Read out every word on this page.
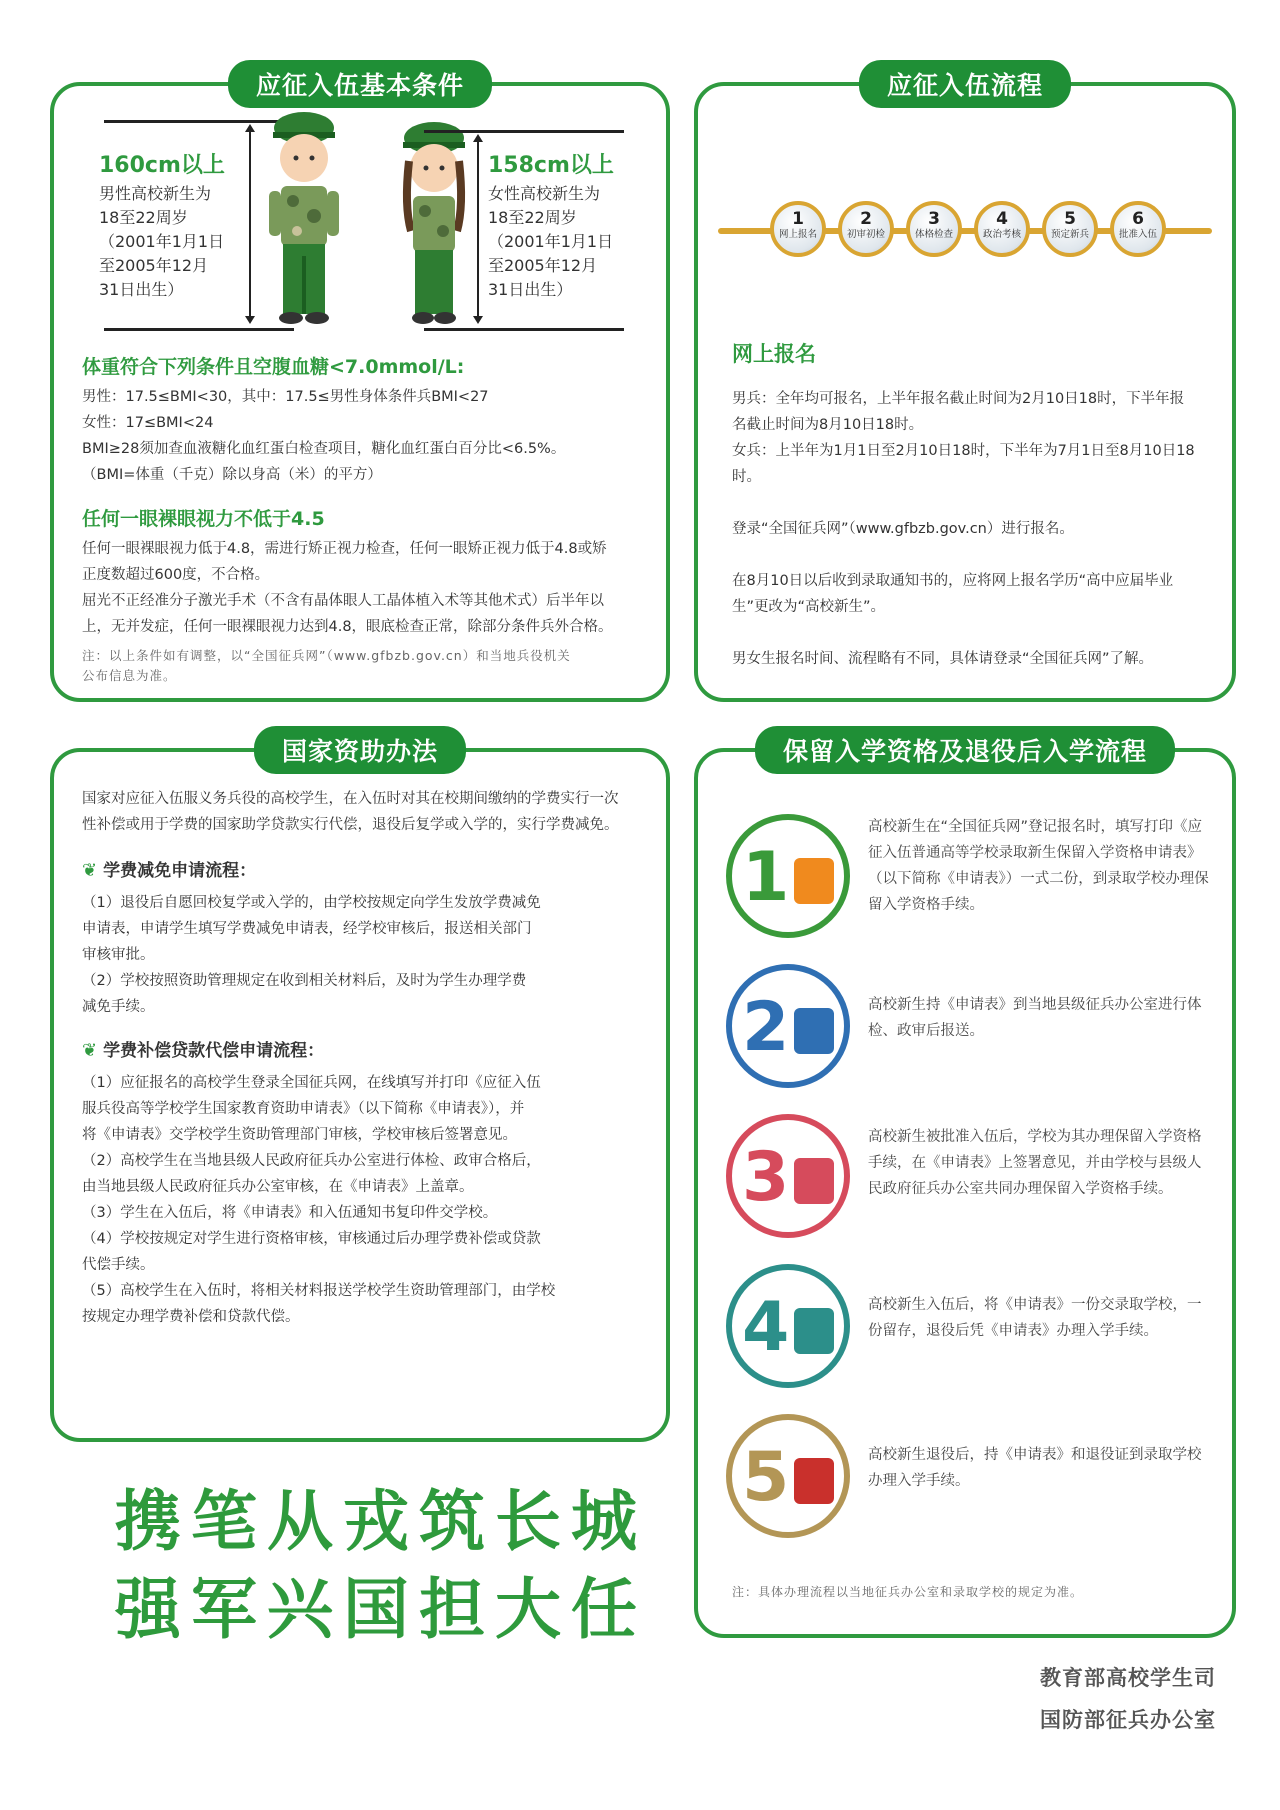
应征入伍基本条件
160cm以上
男性高校新生为
18至22周岁
（2001年1月1日
至2005年12月
31日出生）
158cm以上
女性高校新生为
18至22周岁
（2001年1月1日
至2005年12月
31日出生）
体重符合下列条件且空腹血糖<7.0mmol/L:
男性：17.5≤BMI<30，其中：17.5≤男性身体条件兵BMI<27
女性：17≤BMI<24
BMI≥28须加查血液糖化血红蛋白检查项目，糖化血红蛋白百分比<6.5%。
（BMI=体重（千克）除以身高（米）的平方）
任何一眼裸眼视力不低于4.5
任何一眼裸眼视力低于4.8，需进行矫正视力检查，任何一眼矫正视力低于4.8或矫
正度数超过600度，不合格。
屈光不正经准分子激光手术（不含有晶体眼人工晶体植入术等其他术式）后半年以
上，无并发症，任何一眼裸眼视力达到4.8，眼底检查正常，除部分条件兵外合格。
注：以上条件如有调整，以“全国征兵网”（www.gfbzb.gov.cn）和当地兵役机关
公布信息为准。
应征入伍流程
1
网上报名
2
初审初检
3
体格检查
4
政治考核
5
预定新兵
6
批准入伍
网上报名
男兵：全年均可报名，上半年报名截止时间为2月10日18时，下半年报
名截止时间为8月10日18时。
女兵：上半年为1月1日至2月10日18时，下半年为7月1日至8月10日18
时。
登录“全国征兵网”（www.gfbzb.gov.cn）进行报名。
在8月10日以后收到录取通知书的，应将网上报名学历“高中应届毕业
生”更改为“高校新生”。
男女生报名时间、流程略有不同，具体请登录“全国征兵网”了解。
国家资助办法
国家对应征入伍服义务兵役的高校学生，在入伍时对其在校期间缴纳的学费实行一次
性补偿或用于学费的国家助学贷款实行代偿，退役后复学或入学的，实行学费减免。
❦ 学费减免申请流程：
（1）退役后自愿回校复学或入学的，由学校按规定向学生发放学费减免
申请表，申请学生填写学费减免申请表，经学校审核后，报送相关部门
审核审批。
（2）学校按照资助管理规定在收到相关材料后，及时为学生办理学费
减免手续。
❦ 学费补偿贷款代偿申请流程：
（1）应征报名的高校学生登录全国征兵网，在线填写并打印《应征入伍
服兵役高等学校学生国家教育资助申请表》（以下简称《申请表》），并
将《申请表》交学校学生资助管理部门审核，学校审核后签署意见。
（2）高校学生在当地县级人民政府征兵办公室进行体检、政审合格后，
由当地县级人民政府征兵办公室审核，在《申请表》上盖章。
（3）学生在入伍后，将《申请表》和入伍通知书复印件交学校。
（4）学校按规定对学生进行资格审核，审核通过后办理学费补偿或贷款
代偿手续。
（5）高校学生在入伍时，将相关材料报送学校学生资助管理部门，由学校
按规定办理学费补偿和贷款代偿。
保留入学资格及退役后入学流程
1
高校新生在“全国征兵网”登记报名时，填写打印《应征入伍普通高等学校录取新生保留入学资格申请表》（以下简称《申请表》）一式二份，到录取学校办理保留入学资格手续。
2	高校新生持《申请表》到当地县级征兵办公室进行体检、政审后报送。
3
高校新生被批准入伍后，学校为其办理保留入学资格手续，在《申请表》上签署意见，并由学校与县级人民政府征兵办公室共同办理保留入学资格手续。
4	高校新生入伍后，将《申请表》一份交录取学校，一份留存，退役后凭《申请表》办理入学手续。
5	高校新生退役后，持《申请表》和退役证到录取学校办理入学手续。
注：具体办理流程以当地征兵办公室和录取学校的规定为准。
携笔从戎筑长城
强军兴国担大任
教育部高校学生司
国防部征兵办公室
